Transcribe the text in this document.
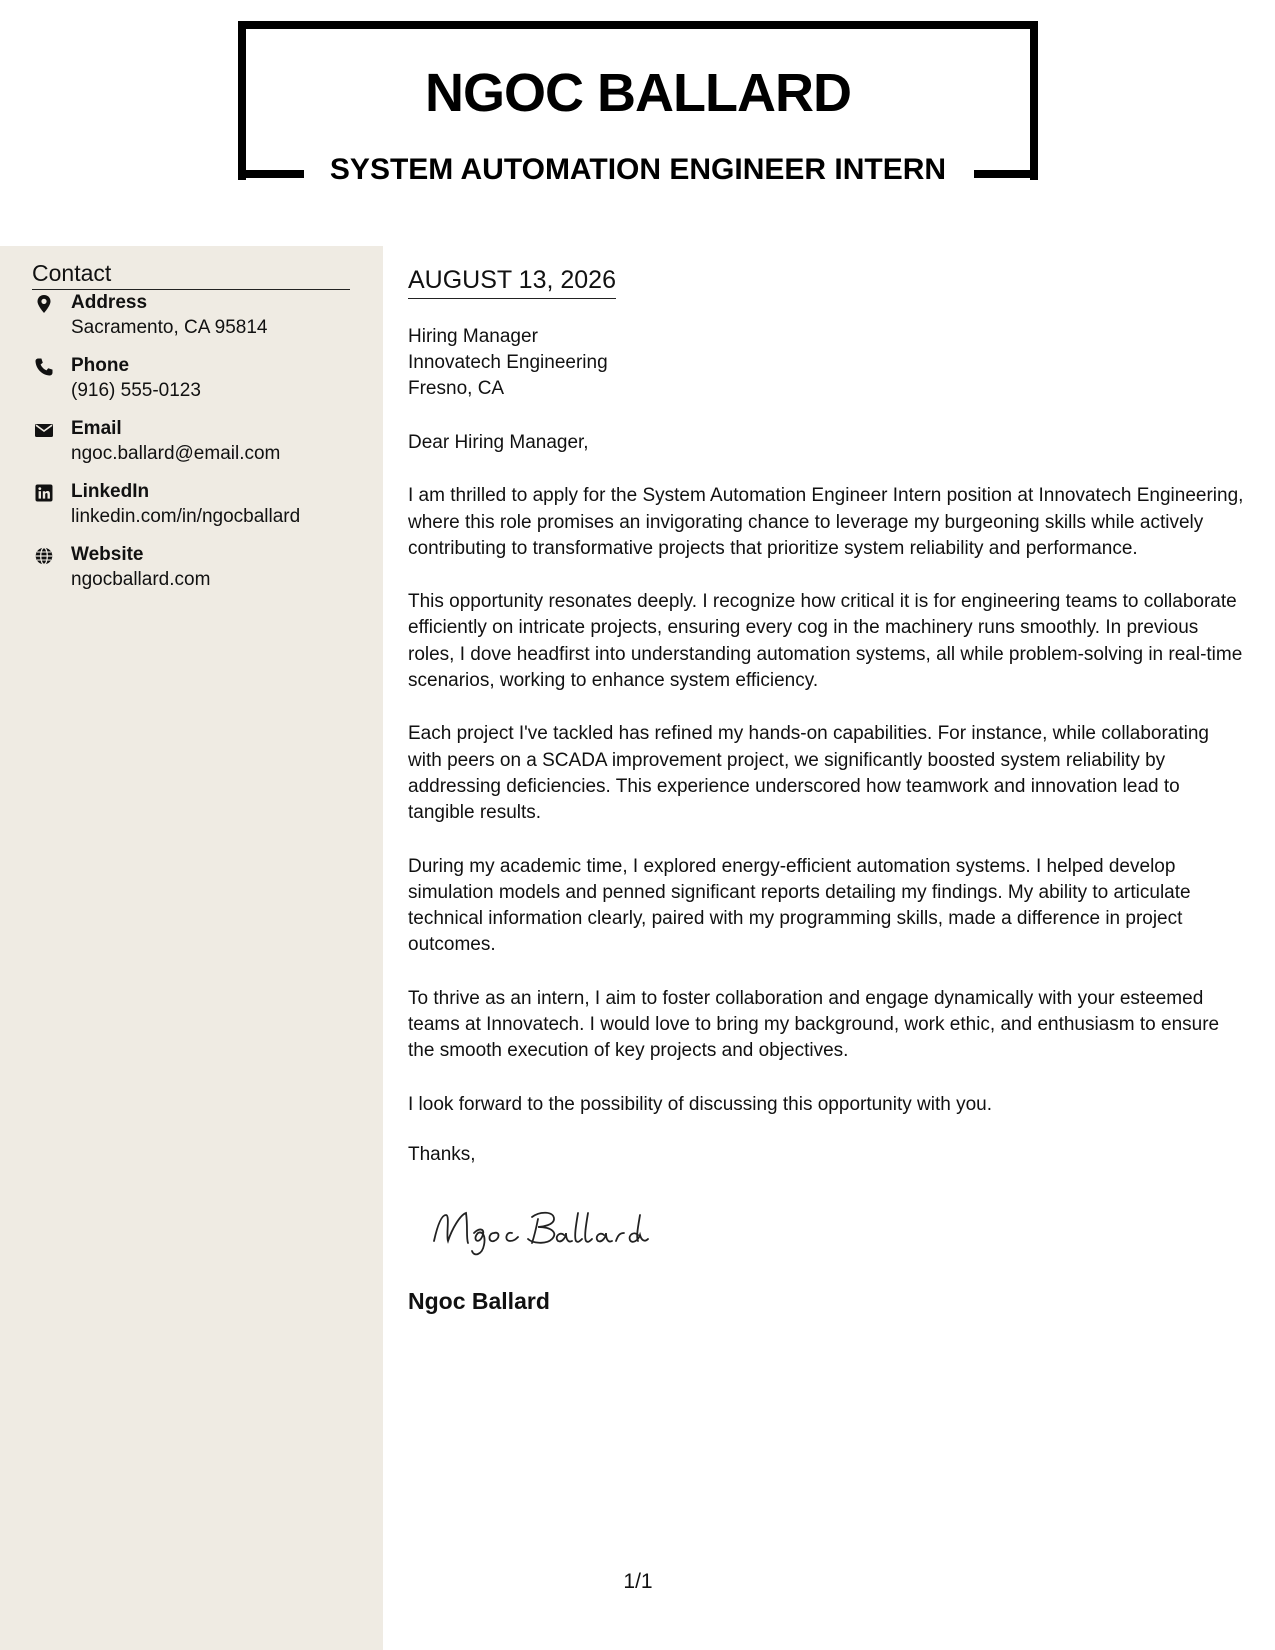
NGOC BALLARD
SYSTEM AUTOMATION ENGINEER INTERN
Contact
Address
Sacramento, CA 95814
Phone
(916) 555-0123
Email
ngoc.ballard@email.com
LinkedIn
linkedin.com/in/ngocballard
Website
ngocballard.com
AUGUST 13, 2026
Hiring Manager
Innovatech Engineering
Fresno, CA

Dear Hiring Manager,

I am thrilled to apply for the System Automation Engineer Intern position at Innovatech Engineering, where this role promises an invigorating chance to leverage my burgeoning skills while actively contributing to transformative projects that prioritize system reliability and performance.

This opportunity resonates deeply. I recognize how critical it is for engineering teams to collaborate efficiently on intricate projects, ensuring every cog in the machinery runs smoothly. In previous roles, I dove headfirst into understanding automation systems, all while problem-solving in real-time scenarios, working to enhance system efficiency.

Each project I've tackled has refined my hands-on capabilities. For instance, while collaborating with peers on a SCADA improvement project, we significantly boosted system reliability by addressing deficiencies. This experience underscored how teamwork and innovation lead to tangible results.

During my academic time, I explored energy-efficient automation systems. I helped develop simulation models and penned significant reports detailing my findings. My ability to articulate technical information clearly, paired with my programming skills, made a difference in project outcomes.

To thrive as an intern, I aim to foster collaboration and engage dynamically with your esteemed teams at Innovatech. I would love to bring my background, work ethic, and enthusiasm to ensure the smooth execution of key projects and objectives.

I look forward to the possibility of discussing this opportunity with you.

Thanks,
Ngoc Ballard
1/1
